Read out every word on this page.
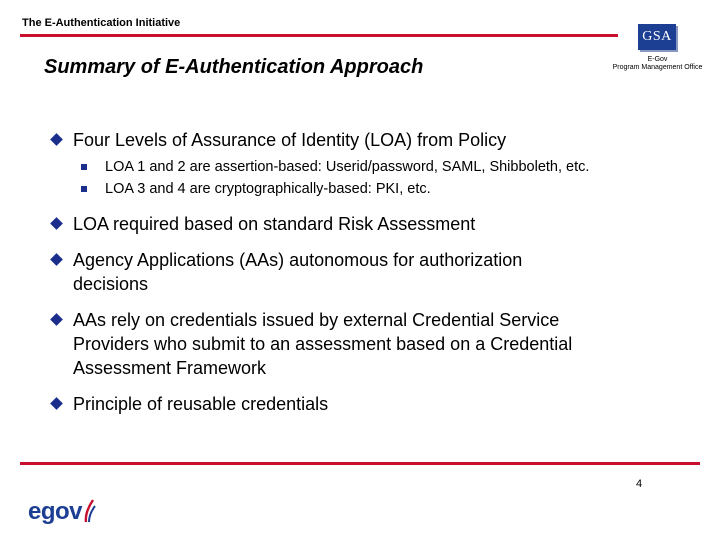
The E-Authentication Initiative
GSA
E-Gov
Program Management Office
Summary of E-Authentication Approach
Four Levels of Assurance of Identity (LOA) from Policy
LOA 1 and 2 are assertion-based: Userid/password, SAML, Shibboleth, etc.
LOA 3 and 4 are cryptographically-based: PKI, etc.
LOA required based on standard Risk Assessment
Agency Applications (AAs) autonomous for authorization decisions
AAs rely on credentials issued by external Credential Service Providers who submit to an assessment based on a Credential Assessment Framework
Principle of reusable credentials
egov
4
